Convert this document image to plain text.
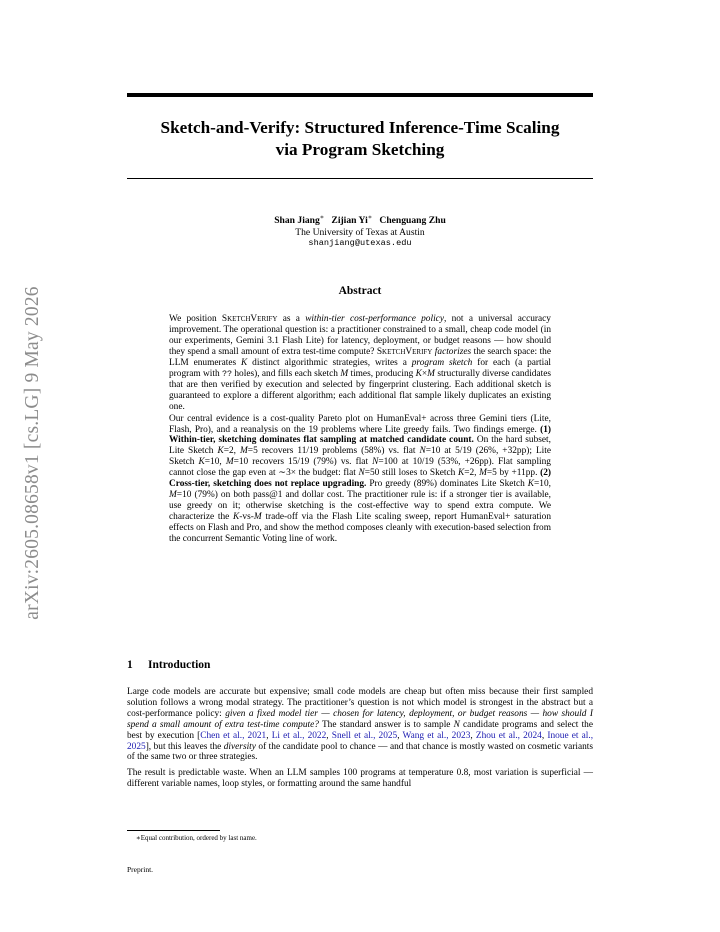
arXiv:2605.08658v1 [cs.LG] 9 May 2026
Sketch-and-Verify: Structured Inference-Time Scaling
via Program Sketching
Shan Jiang∗ Zijian Yi∗ Chenguang Zhu
The University of Texas at Austin
shanjiang@utexas.edu
Abstract

We position SketchVerify as a within-tier cost-performance policy, not a universal accuracy improvement. The operational question is: a practitioner constrained to a small, cheap code model (in our experiments, Gemini 3.1 Flash Lite) for latency, deployment, or budget reasons — how should they spend a small amount of extra test-time compute? SketchVerify factorizes the search space: the LLM enumerates K distinct algorithmic strategies, writes a program sketch for each (a partial program with ?? holes), and fills each sketch M times, producing K×M structurally diverse candidates that are then verified by execution and selected by fingerprint clustering. Each additional sketch is guaranteed to explore a different algorithm; each additional flat sample likely duplicates an existing one.

Our central evidence is a cost-quality Pareto plot on HumanEval+ across three Gemini tiers (Lite, Flash, Pro), and a reanalysis on the 19 problems where Lite greedy fails. Two findings emerge. (1) Within-tier, sketching dominates flat sampling at matched candidate count. On the hard subset, Lite Sketch K=2, M=5 recovers 11/19 problems (58%) vs. flat N=10 at 5/19 (26%, +32pp); Lite Sketch K=10, M=10 recovers 15/19 (79%) vs. flat N=100 at 10/19 (53%, +26pp). Flat sampling cannot close the gap even at ∼3× the budget: flat N=50 still loses to Sketch K=2, M=5 by +11pp. (2) Cross-tier, sketching does not replace upgrading. Pro greedy (89%) dominates Lite Sketch K=10, M=10 (79%) on both pass@1 and dollar cost. The practitioner rule is: if a stronger tier is available, use greedy on it; otherwise sketching is the cost-effective way to spend extra compute. We characterize the K-vs-M trade-off via the Flash Lite scaling sweep, report HumanEval+ saturation effects on Flash and Pro, and show the method composes cleanly with execution-based selection from the concurrent Semantic Voting line of work.

1 Introduction

Large code models are accurate but expensive; small code models are cheap but often miss because their first sampled solution follows a wrong modal strategy. The practitioner’s question is not which model is strongest in the abstract but a cost-performance policy: given a fixed model tier — chosen for latency, deployment, or budget reasons — how should I spend a small amount of extra test-time compute? The standard answer is to sample N candidate programs and select the best by execution [Chen et al., 2021, Li et al., 2022, Snell et al., 2025, Wang et al., 2023, Zhou et al., 2024, Inoue et al., 2025], but this leaves the diversity of the candidate pool to chance — and that chance is mostly wasted on cosmetic variants of the same two or three strategies.

The result is predictable waste. When an LLM samples 100 programs at temperature 0.8, most variation is superficial — different variable names, loop styles, or formatting around the same handful

∗Equal contribution, ordered by last name.
Preprint.
